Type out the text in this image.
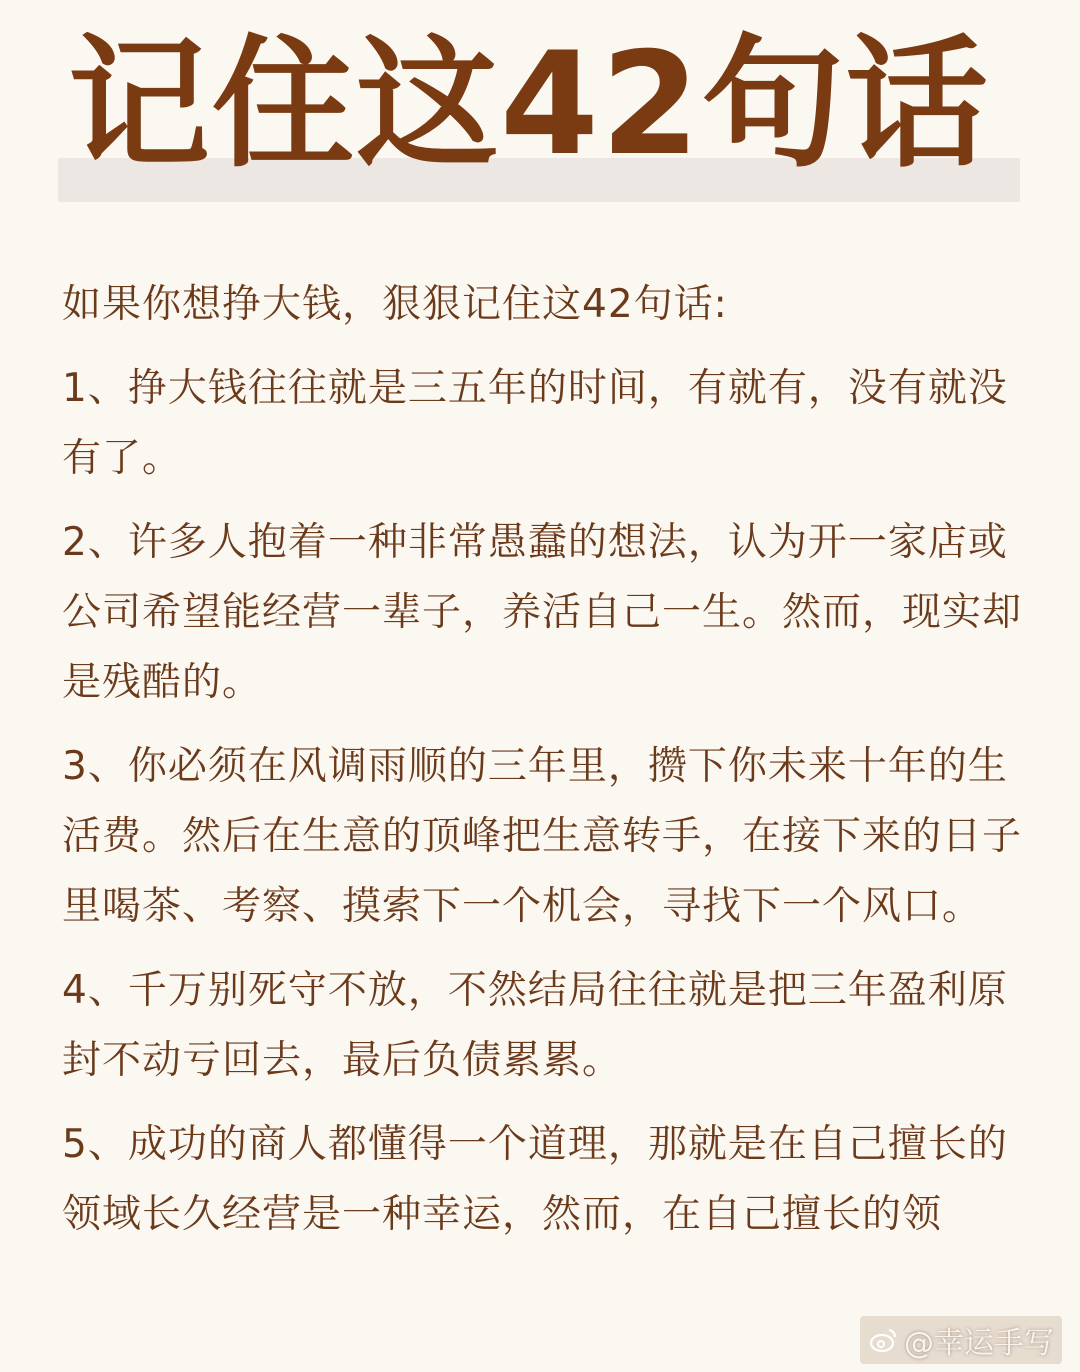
记住这42句话
如果你想挣大钱，狠狠记住这42句话:
1、挣大钱往往就是三五年的时间，有就有，没有就没有了。
2、许多人抱着一种非常愚蠢的想法，认为开一家店或公司希望能经营一辈子，养活自己一生。然而，现实却是残酷的。
3、你必须在风调雨顺的三年里，攒下你未来十年的生活费。然后在生意的顶峰把生意转手，在接下来的日子里喝茶、考察、摸索下一个机会，寻找下一个风口。
4、千万别死守不放，不然结局往往就是把三年盈利原封不动亏回去，最后负债累累。
5、成功的商人都懂得一个道理，那就是在自己擅长的领域长久经营是一种幸运，然而，在自己擅长的领
@幸运手写
